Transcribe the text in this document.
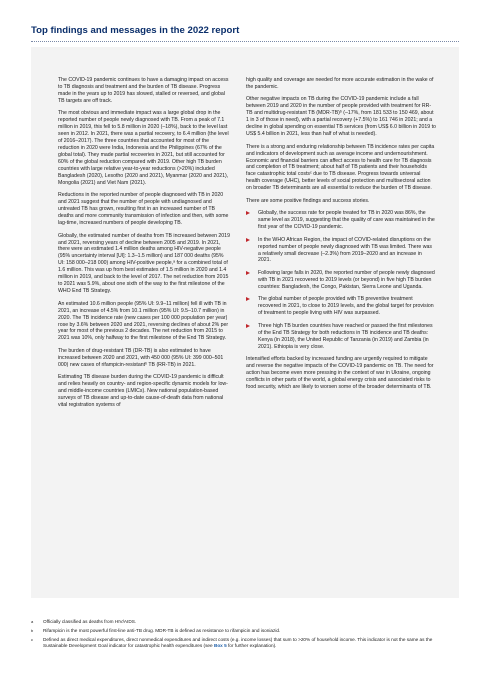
Top findings and messages in the 2022 report

The COVID-19 pandemic continues to have a damaging impact on access to TB diagnosis and treatment and the burden of TB disease. Progress made in the years up to 2019 has slowed, stalled or reversed, and global TB targets are off track.

The most obvious and immediate impact was a large global drop in the reported number of people newly diagnosed with TB. From a peak of 7.1 million in 2019, this fell to 5.8 million in 2020 (–18%), back to the level last seen in 2012. In 2021, there was a partial recovery, to 6.4 million (the level of 2016–2017). The three countries that accounted for most of the reduction in 2020 were India, Indonesia and the Philippines (67% of the global total). They made partial recoveries in 2021, but still accounted for 60% of the global reduction compared with 2019. Other high TB burden countries with large relative year-to-year reductions (>20%) included Bangladesh (2020), Lesotho (2020 and 2021), Myanmar (2020 and 2021), Mongolia (2021) and Viet Nam (2021).

Reductions in the reported number of people diagnosed with TB in 2020 and 2021 suggest that the number of people with undiagnosed and untreated TB has grown, resulting first in an increased number of TB deaths and more community transmission of infection and then, with some lag-time, increased numbers of people developing TB.

Globally, the estimated number of deaths from TB increased between 2019 and 2021, reversing years of decline between 2005 and 2019. In 2021, there were an estimated 1.4 million deaths among HIV-negative people (95% uncertainty interval [UI]: 1.3–1.5 million) and 187 000 deaths (95% UI: 158 000–218 000) among HIV-positive people,ᵃ for a combined total of 1.6 million. This was up from best estimates of 1.5 million in 2020 and 1.4 million in 2019, and back to the level of 2017. The net reduction from 2015 to 2021 was 5.9%, about one sixth of the way to the first milestone of the WHO End TB Strategy.

An estimated 10.6 million people (95% UI: 9.9–11 million) fell ill with TB in 2021, an increase of 4.5% from 10.1 million (95% UI: 9.5–10.7 million) in 2020. The TB incidence rate (new cases per 100 000 population per year) rose by 3.6% between 2020 and 2021, reversing declines of about 2% per year for most of the previous 2 decades. The net reduction from 2015 to 2021 was 10%, only halfway to the first milestone of the End TB Strategy.

The burden of drug-resistant TB (DR-TB) is also estimated to have increased between 2020 and 2021, with 450 000 (95% UI: 399 000–501 000) new cases of rifampicin-resistantᵇ TB (RR-TB) in 2021.

Estimating TB disease burden during the COVID-19 pandemic is difficult and relies heavily on country- and region-specific dynamic models for low- and middle-income countries (LMICs). New national population-based surveys of TB disease and up-to-date cause-of-death data from national vital registration systems of

high quality and coverage are needed for more accurate estimation in the wake of the pandemic.

Other negative impacts on TB during the COVID-19 pandemic include a fall between 2019 and 2020 in the number of people provided with treatment for RR-TB and multidrug-resistant TB (MDR-TB)ᵇ (–17%, from 181 533 to 150 469, about 1 in 3 of those in need), with a partial recovery (+7.5%) to 161 746 in 2021; and a decline in global spending on essential TB services (from US$ 6.0 billion in 2019 to US$ 5.4 billion in 2021, less than half of what is needed).

There is a strong and enduring relationship between TB incidence rates per capita and indicators of development such as average income and undernourishment. Economic and financial barriers can affect access to health care for TB diagnosis and completion of TB treatment; about half of TB patients and their households face catastrophic total costsᶜ due to TB disease. Progress towards universal health coverage (UHC), better levels of social protection and multisectoral action on broader TB determinants are all essential to reduce the burden of TB disease.

There are some positive findings and success stories.

Globally, the success rate for people treated for TB in 2020 was 86%, the same level as 2019, suggesting that the quality of care was maintained in the first year of the COVID-19 pandemic.
In the WHO African Region, the impact of COVID-related disruptions on the reported number of people newly diagnosed with TB was limited. There was a relatively small decrease (–2.3%) from 2019–2020 and an increase in 2021.
Following large falls in 2020, the reported number of people newly diagnosed with TB in 2021 recovered to 2019 levels (or beyond) in five high TB burden countries: Bangladesh, the Congo, Pakistan, Sierra Leone and Uganda.
The global number of people provided with TB preventive treatment recovered in 2021, to close to 2019 levels, and the global target for provision of treatment to people living with HIV was surpassed.
Three high TB burden countries have reached or passed the first milestones of the End TB Strategy for both reductions in TB incidence and TB deaths: Kenya (in 2018), the United Republic of Tanzania (in 2019) and Zambia (in 2021). Ethiopia is very close.

Intensified efforts backed by increased funding are urgently required to mitigate and reverse the negative impacts of the COVID-19 pandemic on TB. The need for action has become even more pressing in the context of war in Ukraine, ongoing conflicts in other parts of the world, a global energy crisis and associated risks to food security, which are likely to worsen some of the broader determinants of TB.

a	Officially classified as deaths from HIV/AIDS.
b	Rifampicin is the most powerful first-line anti-TB drug. MDR-TB is defined as resistance to rifampicin and isoniazid.
c	Defined as direct medical expenditures, direct nonmedical expenditures and indirect costs (e.g. income losses) that sum to >20% of household income. This indicator is not the same as the Sustainable Development Goal indicator for catastrophic health expenditures (see Box 5 for further explanation).
